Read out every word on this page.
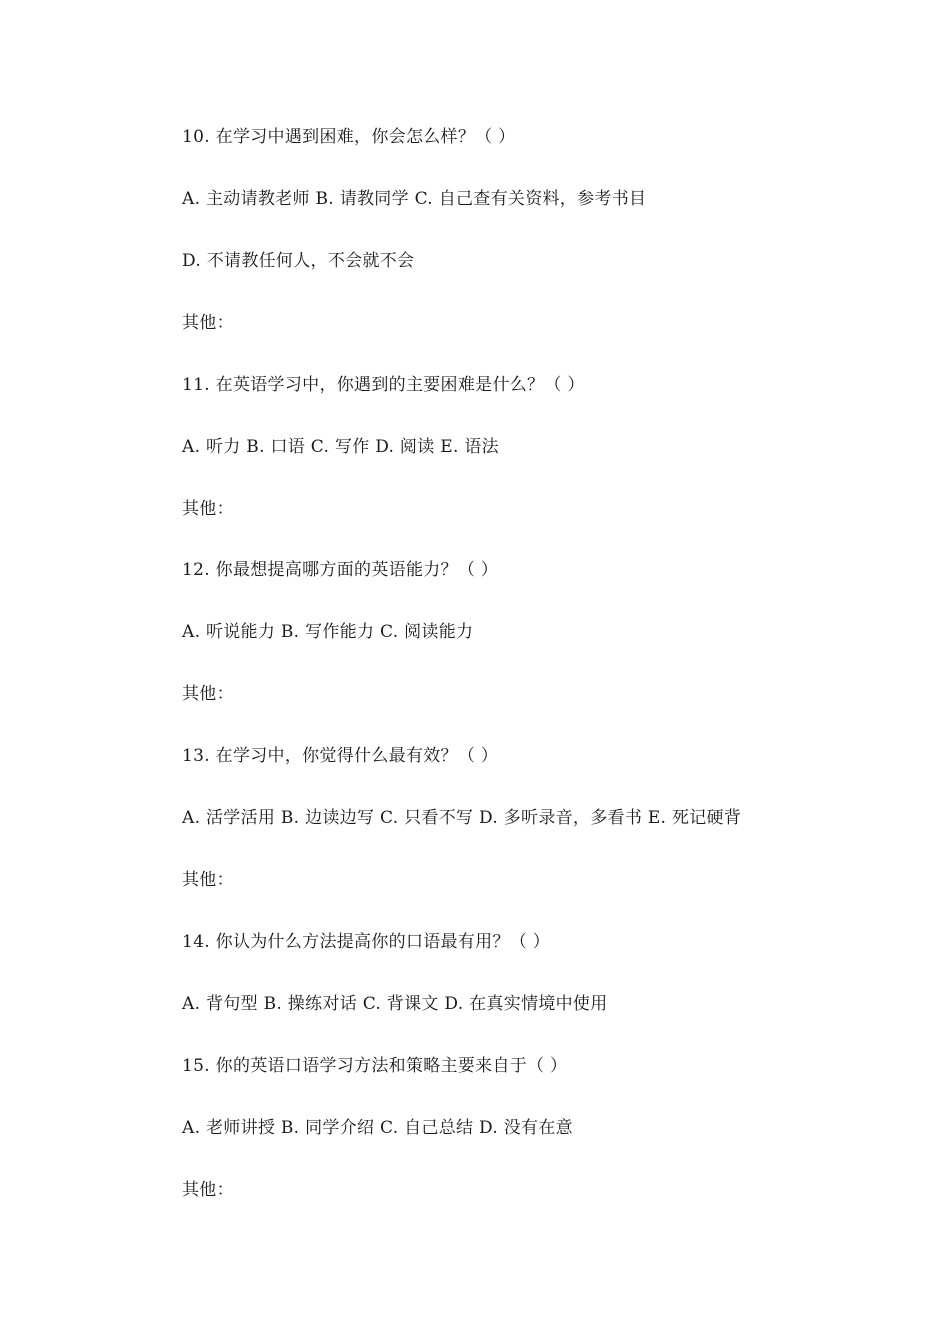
10. 在学习中遇到困难，你会怎么样？（ ）
A. 主动请教老师 B. 请教同学 C. 自己查有关资料，参考书目
D. 不请教任何人，不会就不会
其他：
11. 在英语学习中，你遇到的主要困难是什么？（ ）
A. 听力 B. 口语 C. 写作 D. 阅读 E. 语法
其他：
12. 你最想提高哪方面的英语能力？（ ）
A. 听说能力 B. 写作能力 C. 阅读能力
其他：
13. 在学习中，你觉得什么最有效？（ ）
A. 活学活用 B. 边读边写 C. 只看不写 D. 多听录音，多看书 E. 死记硬背
其他：
14. 你认为什么方法提高你的口语最有用？（ ）
A. 背句型 B. 操练对话 C. 背课文 D. 在真实情境中使用
15. 你的英语口语学习方法和策略主要来自于（ ）
A. 老师讲授 B. 同学介绍 C. 自己总结 D. 没有在意
其他：
